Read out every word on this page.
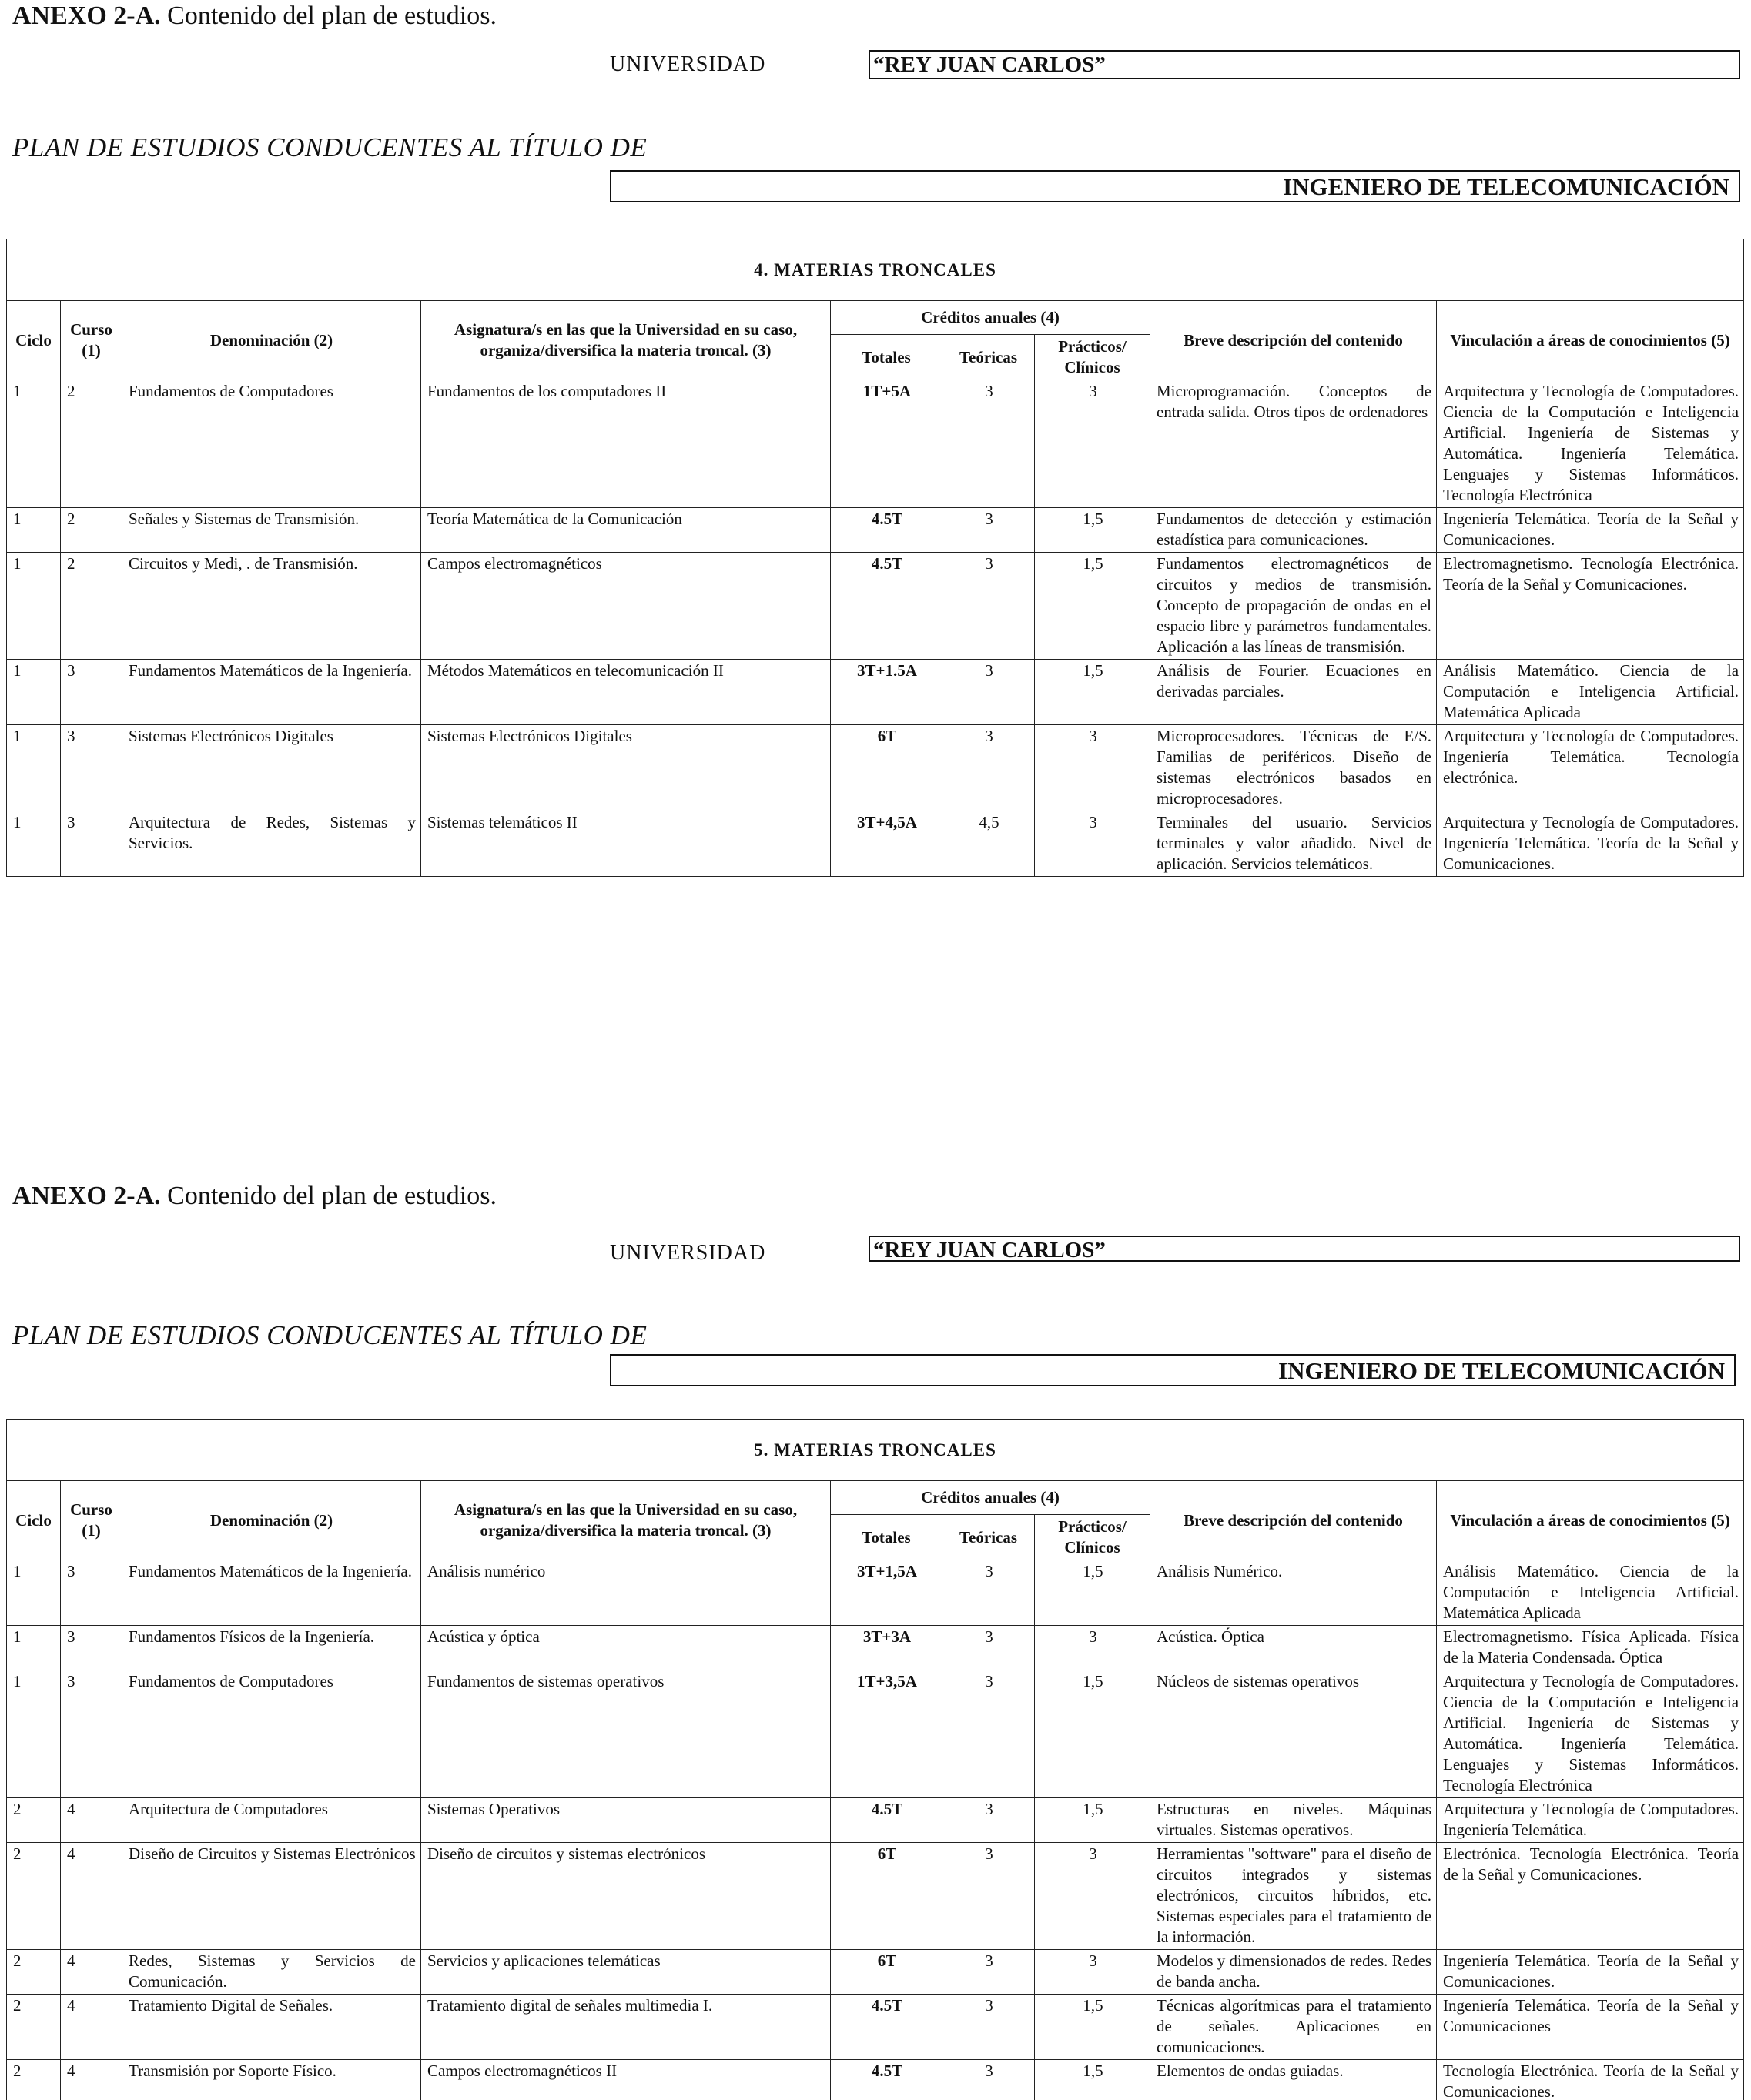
ANEXO 2-A. Contenido del plan de estudios.
UNIVERSIDAD	“REY JUAN CARLOS”
PLAN DE ESTUDIOS CONDUCENTES AL TÍTULO DE
INGENIERO DE TELECOMUNICACIÓN
4. MATERIAS TRONCALES								
Ciclo	Curso (1)	Denominación (2)	Asignatura/s en las que la Universidad en su caso, organiza/diversifica la materia troncal. (3)	Créditos anuales (4)			Breve descripción del contenido	Vinculación a áreas de conocimientos (5)
				Totales	Teóricas	Prácticos/ Clínicos		
1	2	Fundamentos de Computadores	Fundamentos de los computadores II	1T+5A	3	3	Microprogramación. Conceptos de entrada salida. Otros tipos de ordenadores	Arquitectura y Tecnología de Computadores. Ciencia de la Computación e Inteligencia Artificial. Ingeniería de Sistemas y Automática. Ingeniería Telemática. Lenguajes y Sistemas Informáticos. Tecnología Electrónica
1	2	Señales y Sistemas de Transmisión.	Teoría Matemática de la Comunicación	4.5T	3	1,5	Fundamentos de detección y estimación estadística para comunicaciones.	Ingeniería Telemática. Teoría de la Señal y Comunicaciones.
1	2	Circuitos y Medi, . de Transmisión.	Campos electromagnéticos	4.5T	3	1,5	Fundamentos electromagnéticos de circuitos y medios de transmisión. Concepto de propagación de ondas en el espacio libre y parámetros fundamentales. Aplicación a las líneas de transmisión.	Electromagnetismo. Tecnología Electrónica. Teoría de la Señal y Comunicaciones.
1	3	Fundamentos Matemáticos de la Ingeniería.	Métodos Matemáticos en telecomunicación II	3T+1.5A	3	1,5	Análisis de Fourier. Ecuaciones en derivadas parciales.	Análisis Matemático. Ciencia de la Computación e Inteligencia Artificial. Matemática Aplicada
1	3	Sistemas Electrónicos Digitales	Sistemas Electrónicos Digitales	6T	3	3	Microprocesadores. Técnicas de E/S. Familias de periféricos. Diseño de sistemas electrónicos basados en microprocesadores.	Arquitectura y Tecnología de Computadores. Ingeniería Telemática. Tecnología electrónica.
1	3	Arquitectura de Redes, Sistemas y Servicios.	Sistemas telemáticos II	3T+4,5A	4,5	3	Terminales del usuario. Servicios terminales y valor añadido. Nivel de aplicación. Servicios telemáticos.	Arquitectura y Tecnología de Computadores. Ingeniería Telemática. Teoría de la Señal y Comunicaciones.
ANEXO 2-A. Contenido del plan de estudios.
UNIVERSIDAD	“REY JUAN CARLOS”
PLAN DE ESTUDIOS CONDUCENTES AL TÍTULO DE
INGENIERO DE TELECOMUNICACIÓN
5. MATERIAS TRONCALES								
Ciclo	Curso (1)	Denominación (2)	Asignatura/s en las que la Universidad en su caso, organiza/diversifica la materia troncal. (3)	Créditos anuales (4)			Breve descripción del contenido	Vinculación a áreas de conocimientos (5)
				Totales	Teóricas	Prácticos/ Clínicos		
1	3	Fundamentos Matemáticos de la Ingeniería.	Análisis numérico	3T+1,5A	3	1,5	Análisis Numérico.	Análisis Matemático. Ciencia de la Computación e Inteligencia Artificial. Matemática Aplicada
1	3	Fundamentos Físicos de la Ingeniería.	Acústica y óptica	3T+3A	3	3	Acústica. Óptica	Electromagnetismo. Física Aplicada. Física de la Materia Condensada. Óptica
1	3	Fundamentos de Computadores	Fundamentos de sistemas operativos	1T+3,5A	3	1,5	Núcleos de sistemas operativos	Arquitectura y Tecnología de Computadores. Ciencia de la Computación e Inteligencia Artificial. Ingeniería de Sistemas y Automática. Ingeniería Telemática. Lenguajes y Sistemas Informáticos. Tecnología Electrónica
2	4	Arquitectura de Computadores	Sistemas Operativos	4.5T	3	1,5	Estructuras en niveles. Máquinas virtuales. Sistemas operativos.	Arquitectura y Tecnología de Computadores. Ingeniería Telemática.
2	4	Diseño de Circuitos y Sistemas Electrónicos	Diseño de circuitos y sistemas electrónicos	6T	3	3	Herramientas "software" para el diseño de circuitos integrados y sistemas electrónicos, circuitos híbridos, etc. Sistemas especiales para el tratamiento de la información.	Electrónica. Tecnología Electrónica. Teoría de la Señal y Comunicaciones.
2	4	Redes, Sistemas y Servicios de Comunicación.	Servicios y aplicaciones telemáticas	6T	3	3	Modelos y dimensionados de redes. Redes de banda ancha.	Ingeniería Telemática. Teoría de la Señal y Comunicaciones.
2	4	Tratamiento Digital de Señales.	Tratamiento digital de señales multimedia I.	4.5T	3	1,5	Técnicas algorítmicas para el tratamiento de señales. Aplicaciones en comunicaciones.	Ingeniería Telemática. Teoría de la Señal y Comunicaciones
2	4	Transmisión por Soporte Físico.	Campos electromagnéticos II	4.5T	3	1,5	Elementos de ondas guiadas.	Tecnología Electrónica. Teoría de la Señal y Comunicaciones.
